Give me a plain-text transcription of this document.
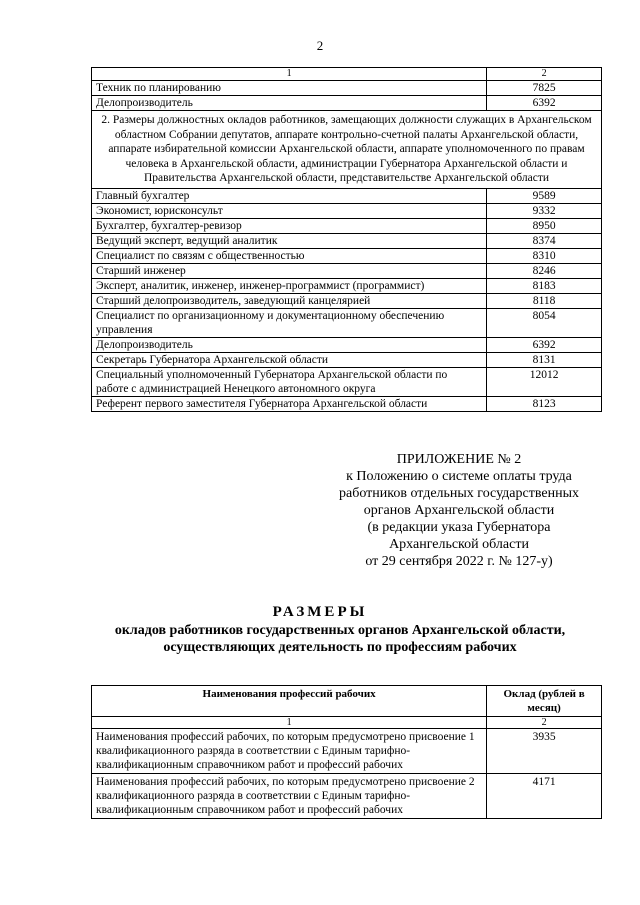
2
1	2
Техник по планированию	7825
Делопроизводитель	6392
2. Размеры должностных окладов работников, замещающих должности служащих в Архангельском областном Собрании депутатов, аппарате контрольно-счетной палаты Архангельской области, аппарате избирательной комиссии Архангельской области, аппарате уполномоченного по правам человека в Архангельской области, администрации Губернатора Архангельской области и Правительства Архангельской области, представительстве Архангельской области	
Главный бухгалтер	9589
Экономист, юрисконсульт	9332
Бухгалтер, бухгалтер-ревизор	8950
Ведущий эксперт, ведущий аналитик	8374
Специалист по связям с общественностью	8310
Старший инженер	8246
Эксперт, аналитик, инженер, инженер-программист (программист)	8183
Старший делопроизводитель, заведующий канцелярией	8118
Специалист по организационному и документационному обеспечению управления	8054
Делопроизводитель	6392
Секретарь Губернатора Архангельской области	8131
Специальный уполномоченный Губернатора Архангельской области по работе с администрацией Ненецкого автономного округа	12012
Референт первого заместителя Губернатора Архангельской области	8123
ПРИЛОЖЕНИЕ № 2
к Положению о системе оплаты труда
работников отдельных государственных
органов Архангельской области
(в редакции указа Губернатора
Архангельской области
от 29 сентября 2022 г. № 127-у)
РАЗМЕРЫ
окладов работников государственных органов Архангельской области, осуществляющих деятельность по профессиям рабочих
Наименования профессий рабочих	Оклад (рублей в месяц)
1	2
Наименования профессий рабочих, по которым предусмотрено присвоение 1 квалификационного разряда в соответствии с Единым тарифно-квалификационным справочником работ и профессий рабочих	3935
Наименования профессий рабочих, по которым предусмотрено присвоение 2 квалификационного разряда в соответствии с Единым тарифно-квалификационным справочником работ и профессий рабочих	4171
